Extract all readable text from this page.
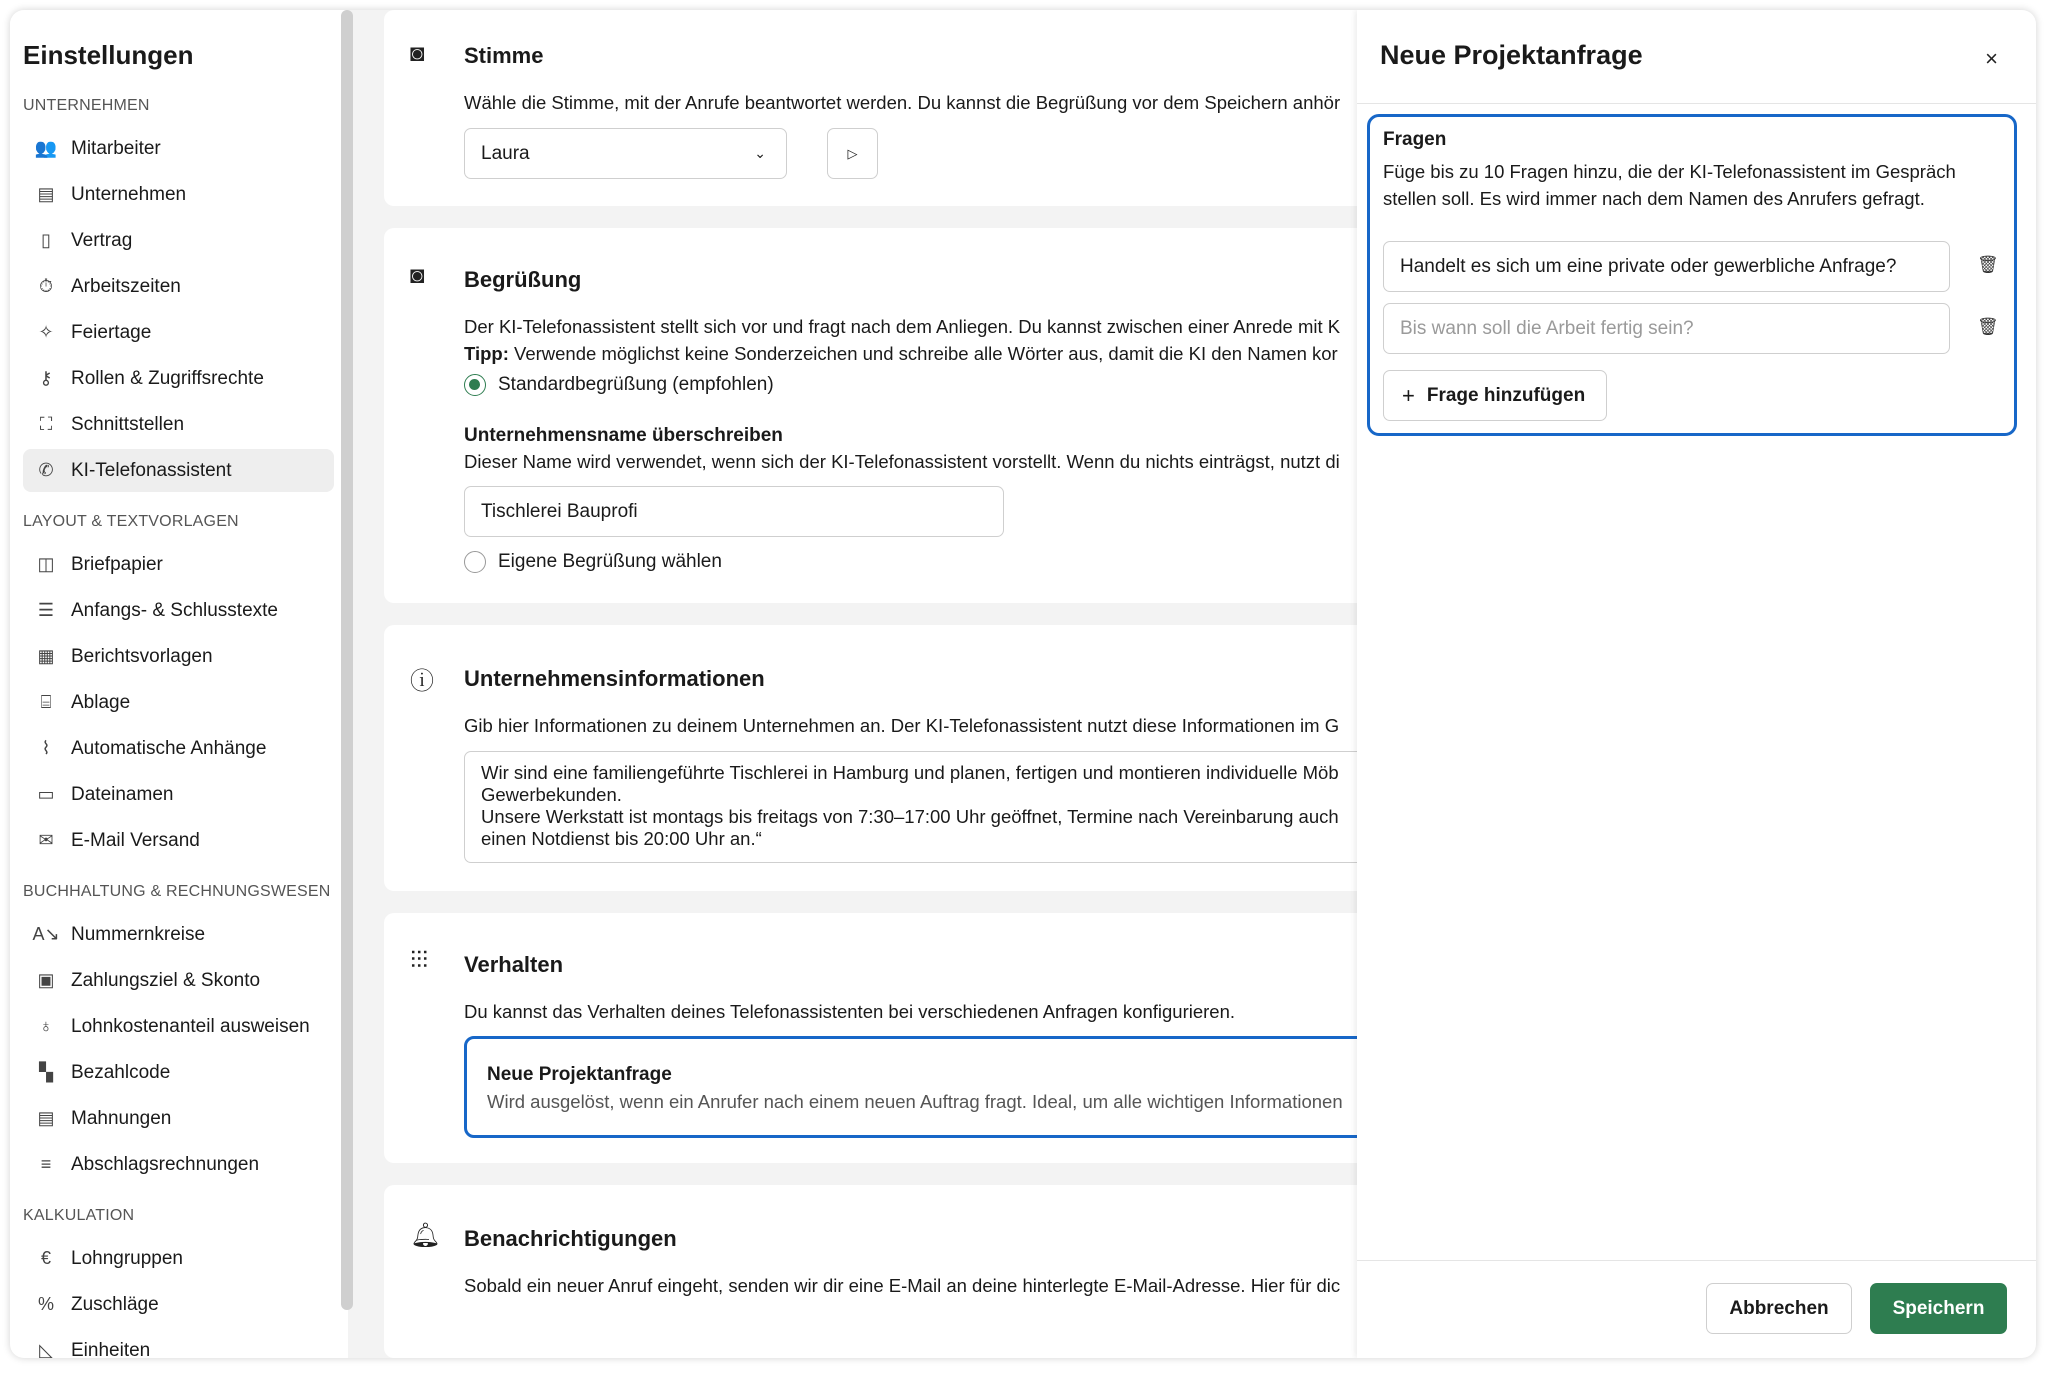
Einstellungen
UNTERNEHMEN
👥 Mitarbeiter
▤ Unternehmen
▯	Vertrag
⏱ Arbeitszeiten
✧ Feiertage
⚷ Rollen & Zugriffsrechte
⛶ Schnittstellen
✆ KI-Telefonassistent
LAYOUT & TEXTVORLAGEN
◫ Briefpapier
☰ Anfangs- & Schlusstexte
▦ Berichtsvorlagen
⌸ Ablage
⌇	Automatische Anhänge
▭ Dateinamen
✉ E-Mail Versand
BUCHHALTUNG & RECHNUNGSWESEN
A↘ Nummernkreise
▣ Zahlungsziel & Skonto
♁ Lohnkostenanteil ausweisen
▚ Bezahlcode
▤ Mahnungen
≡	Abschlagsrechnungen
KALKULATION
€	Lohngruppen
% Zuschläge
◺ Einheiten
◙ Stimme
Wähle die Stimme, mit der Anrufe beantwortet werden. Du kannst die Begrüßung vor dem Speichern anhör
Laura	⌄	▷
◙ Begrüßung
Der KI-Telefonassistent stellt sich vor und fragt nach dem Anliegen. Du kannst zwischen einer Anrede mit K
Tipp: Verwende möglichst keine Sonderzeichen und schreibe alle Wörter aus, damit die KI den Namen kor
Standardbegrüßung (empfohlen)
Unternehmensname überschreiben
Dieser Name wird verwendet, wenn sich der KI-Telefonassistent vorstellt. Wenn du nichts einträgst, nutzt di
Tischlerei Bauprofi
Eigene Begrüßung wählen
ⓘ Unternehmensinformationen
Gib hier Informationen zu deinem Unternehmen an. Der KI-Telefonassistent nutzt diese Informationen im G
Wir sind eine familiengeführte Tischlerei in Hamburg und planen, fertigen und montieren individuelle Möb
Gewerbekunden.
Unsere Werkstatt ist montags bis freitags von 7:30–17:00 Uhr geöffnet, Termine nach Vereinbarung auch
einen Notdienst bis 20:00 Uhr an.“
⫶⫶⫶ Verhalten
Du kannst das Verhalten deines Telefonassistenten bei verschiedenen Anfragen konfigurieren.
Neue Projektanfrage
Wird ausgelöst, wenn ein Anrufer nach einem neuen Auftrag fragt. Ideal, um alle wichtigen Informationen
🔔︎ Benachrichtigungen
Sobald ein neuer Anruf eingeht, senden wir dir eine E-Mail an deine hinterlegte E-Mail-Adresse. Hier für dic
Neue Projektanfrage	×
Fragen
Füge bis zu 10 Fragen hinzu, die der KI-Telefonassistent im Gespräch stellen soll. Es wird immer nach dem Namen des Anrufers gefragt.
Handelt es sich um eine private oder gewerbliche Anfrage?	🗑︎
Bis wann soll die Arbeit fertig sein?	🗑︎
+ Frage hinzufügen
Abbrechen	Speichern
